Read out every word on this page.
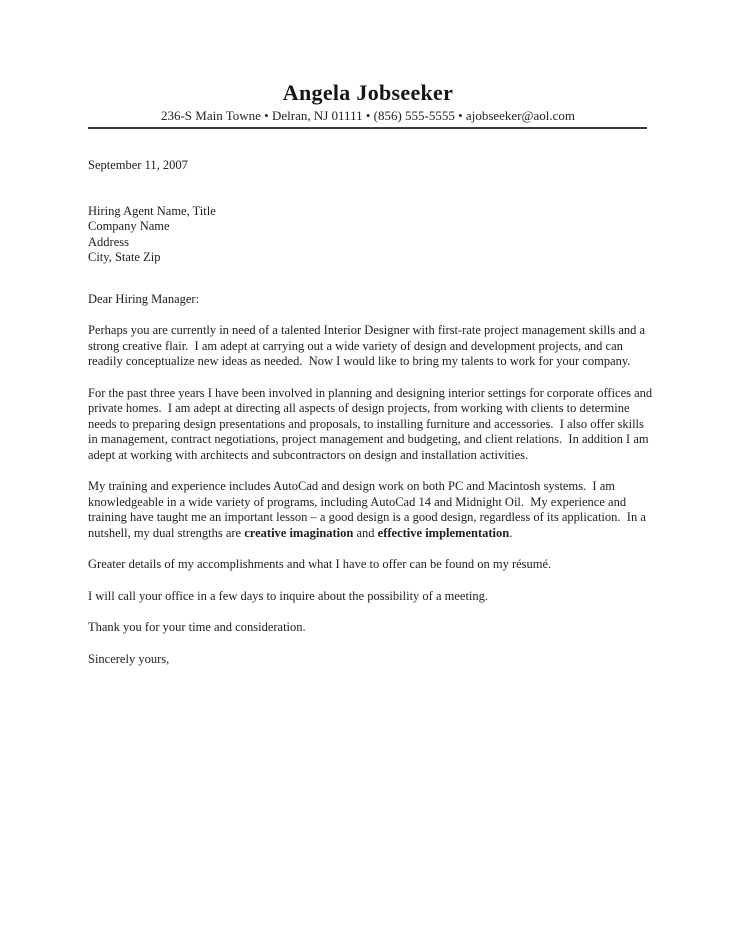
Angela Jobseeker
236-S Main Towne • Delran, NJ 01111 • (856) 555-5555 • ajobseeker@aol.com

September 11, 2007

Hiring Agent Name, Title
Company Name
Address
City, State Zip

Dear Hiring Manager:

Perhaps you are currently in need of a talented Interior Designer with first-rate project management skills and a strong creative flair.  I am adept at carrying out a wide variety of design and development projects, and can readily conceptualize new ideas as needed.  Now I would like to bring my talents to work for your company.

For the past three years I have been involved in planning and designing interior settings for corporate offices and private homes.  I am adept at directing all aspects of design projects, from working with clients to determine needs to preparing design presentations and proposals, to installing furniture and accessories.  I also offer skills in management, contract negotiations, project management and budgeting, and client relations.  In addition I am adept at working with architects and subcontractors on design and installation activities.

My training and experience includes AutoCad and design work on both PC and Macintosh systems.  I am knowledgeable in a wide variety of programs, including AutoCad 14 and Midnight Oil.  My experience and training have taught me an important lesson – a good design is a good design, regardless of its application.  In a nutshell, my dual strengths are creative imagination and effective implementation.

Greater details of my accomplishments and what I have to offer can be found on my résumé.

I will call your office in a few days to inquire about the possibility of a meeting.

Thank you for your time and consideration.

Sincerely yours,
